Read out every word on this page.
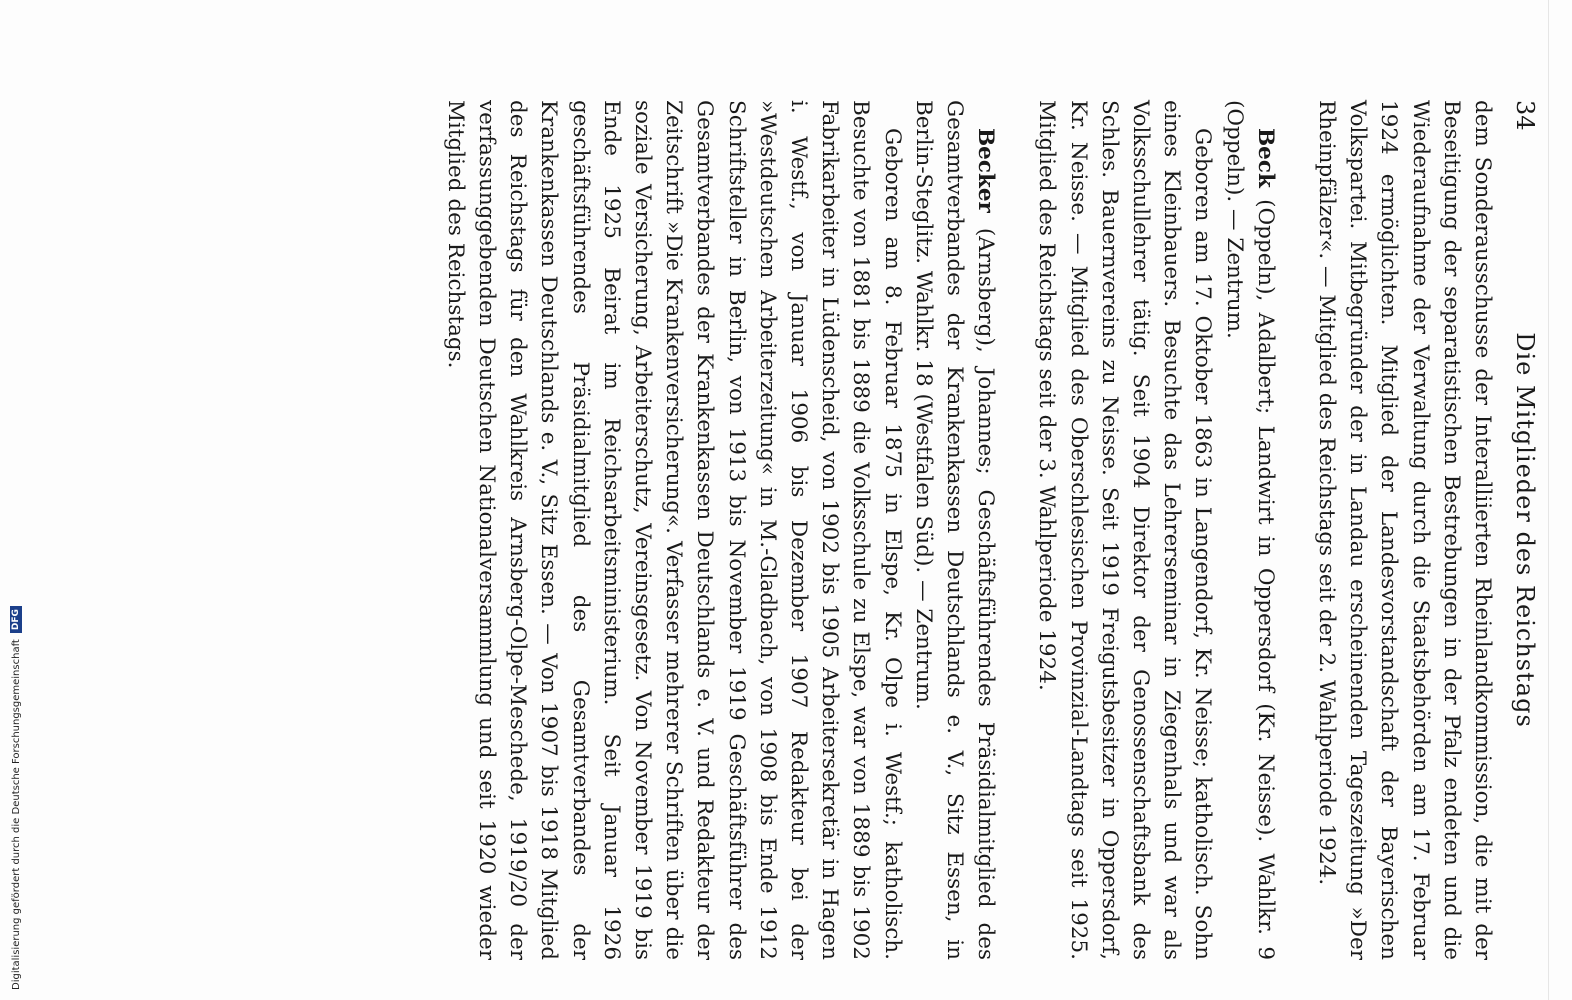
34
Die Mitglieder des Reichstags

dem Sonderausschusse der Interalliierten Rheinlandkommission, die mit der Beseitigung der separatistischen Bestrebungen in der Pfalz endeten und die Wiederaufnahme der Verwaltung durch die Staatsbehörden am 17. Februar 1924 ermöglichten. Mitglied der Landesvorstandschaft der Bayerischen Volkspartei. Mitbegründer der in Landau erscheinenden Tageszeitung »Der Rheinpfälzer«. — Mitglied des Reichstags seit der 2. Wahlperiode 1924.

Beck (Oppeln), Adalbert; Landwirt in Oppersdorf (Kr. Neisse). Wahlkr. 9 (Oppeln). — Zentrum.

Geboren am 17. Oktober 1863 in Langendorf, Kr. Neisse; katholisch. Sohn eines Kleinbauers. Besuchte das Lehrerseminar in Ziegenhals und war als Volksschullehrer tätig. Seit 1904 Direktor der Genossenschaftsbank des Schles. Bauernvereins zu Neisse. Seit 1919 Freigutsbesitzer in Oppersdorf, Kr. Neisse. — Mitglied des Oberschlesischen Provinzial-Landtags seit 1925. Mitglied des Reichstags seit der 3. Wahlperiode 1924.

Becker (Arnsberg), Johannes; Geschäftsführendes Präsidialmitglied des Gesamtverbandes der Krankenkassen Deutschlands e. V., Sitz Essen, in Berlin-Steglitz. Wahlkr. 18 (Westfalen Süd). — Zentrum.

Geboren am 8. Februar 1875 in Elspe, Kr. Olpe i. Westf.; katholisch. Besuchte von 1881 bis 1889 die Volksschule zu Elspe, war von 1889 bis 1902 Fabrikarbeiter in Lüdenscheid, von 1902 bis 1905 Arbeitersekretär in Hagen i. Westf., von Januar 1906 bis Dezember 1907 Redakteur bei der »Westdeutschen Arbeiterzeitung« in M.-Gladbach, von 1908 bis Ende 1912 Schriftsteller in Berlin, von 1913 bis November 1919 Geschäftsführer des Gesamtverbandes der Krankenkassen Deutschlands e. V. und Redakteur der Zeitschrift »Die Krankenversicherung«. Verfasser mehrerer Schriften über die soziale Versicherung, Arbeiterschutz, Vereinsgesetz. Von November 1919 bis Ende 1925 Beirat im Reichsarbeitsministerium. Seit Januar 1926 geschäftsführendes Präsidialmitglied des Gesamtverbandes der Krankenkassen Deutschlands e. V., Sitz Essen. — Von 1907 bis 1918 Mitglied des Reichstags für den Wahlkreis Arnsberg-Olpe-Meschede, 1919/20 der verfassunggebenden Deutschen Nationalversammlung und seit 1920 wieder Mitglied des Reichstags.

Digitalisierung gefördert durch die Deutsche Forschungsgemeinschaft
DFG
